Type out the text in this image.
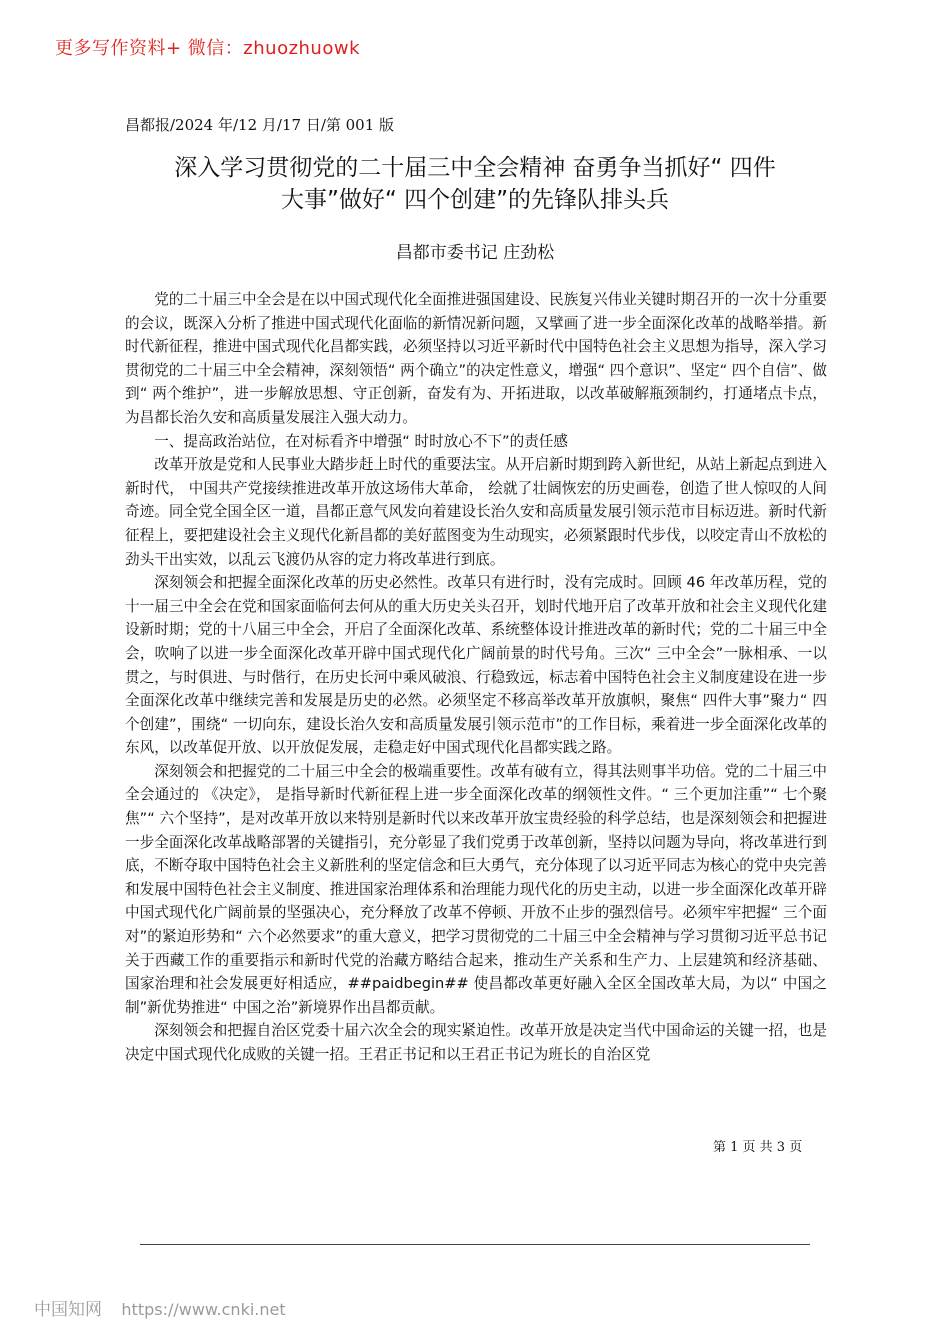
更多写作资料+ 微信：zhuozhuowk
昌都报/2024 年/12 月/17 日/第 001 版
深入学习贯彻党的二十届三中全会精神 奋勇争当抓好“ 四件
大事”做好“ 四个创建”的先锋队排头兵
昌都市委书记 庄劲松

党的二十届三中全会是在以中国式现代化全面推进强国建设、民族复兴伟业关键时期召开的一次十分重要的会议，既深入分析了推进中国式现代化面临的新情况新问题，又擘画了进一步全面深化改革的战略举措。新时代新征程，推进中国式现代化昌都实践，必须坚持以习近平新时代中国特色社会主义思想为指导，深入学习贯彻党的二十届三中全会精神，深刻领悟“ 两个确立”的决定性意义，增强“ 四个意识”、坚定“ 四个自信”、做到“ 两个维护”，进一步解放思想、守正创新，奋发有为、开拓进取，以改革破解瓶颈制约，打通堵点卡点，为昌都长治久安和高质量发展注入强大动力。

一、提高政治站位，在对标看齐中增强“ 时时放心不下”的责任感

改革开放是党和人民事业大踏步赶上时代的重要法宝。从开启新时期到跨入新世纪，从站上新起点到进入新时代， 中国共产党接续推进改革开放这场伟大革命， 绘就了壮阔恢宏的历史画卷，创造了世人惊叹的人间奇迹。同全党全国全区一道，昌都正意气风发向着建设长治久安和高质量发展引领示范市目标迈进。新时代新征程上，要把建设社会主义现代化新昌都的美好蓝图变为生动现实，必须紧跟时代步伐，以咬定青山不放松的劲头干出实效，以乱云飞渡仍从容的定力将改革进行到底。

深刻领会和把握全面深化改革的历史必然性。改革只有进行时，没有完成时。回顾 46 年改革历程，党的十一届三中全会在党和国家面临何去何从的重大历史关头召开，划时代地开启了改革开放和社会主义现代化建设新时期；党的十八届三中全会，开启了全面深化改革、系统整体设计推进改革的新时代；党的二十届三中全会，吹响了以进一步全面深化改革开辟中国式现代化广阔前景的时代号角。三次“ 三中全会”一脉相承、一以贯之，与时俱进、与时偕行，在历史长河中乘风破浪、行稳致远，标志着中国特色社会主义制度建设在进一步全面深化改革中继续完善和发展是历史的必然。必须坚定不移高举改革开放旗帜，聚焦“ 四件大事”聚力“ 四个创建”，围绕“ 一切向东，建设长治久安和高质量发展引领示范市”的工作目标，乘着进一步全面深化改革的东风，以改革促开放、以开放促发展，走稳走好中国式现代化昌都实践之路。

深刻领会和把握党的二十届三中全会的极端重要性。改革有破有立，得其法则事半功倍。党的二十届三中全会通过的 《决定》， 是指导新时代新征程上进一步全面深化改革的纲领性文件。“ 三个更加注重”“ 七个聚焦”“ 六个坚持”，是对改革开放以来特别是新时代以来改革开放宝贵经验的科学总结，也是深刻领会和把握进一步全面深化改革战略部署的关键指引，充分彰显了我们党勇于改革创新，坚持以问题为导向，将改革进行到底，不断夺取中国特色社会主义新胜利的坚定信念和巨大勇气，充分体现了以习近平同志为核心的党中央完善和发展中国特色社会主义制度、推进国家治理体系和治理能力现代化的历史主动，以进一步全面深化改革开辟中国式现代化广阔前景的坚强决心，充分释放了改革不停顿、开放不止步的强烈信号。必须牢牢把握“ 三个面对”的紧迫形势和“ 六个必然要求”的重大意义，把学习贯彻党的二十届三中全会精神与学习贯彻习近平总书记关于西藏工作的重要指示和新时代党的治藏方略结合起来，推动生产关系和生产力、上层建筑和经济基础、 国家治理和社会发展更好相适应，##paidbegin## 使昌都改革更好融入全区全国改革大局，为以“ 中国之制”新优势推进“ 中国之治”新境界作出昌都贡献。

深刻领会和把握自治区党委十届六次全会的现实紧迫性。改革开放是决定当代中国命运的关键一招，也是决定中国式现代化成败的关键一招。王君正书记和以王君正书记为班长的自治区党

第 1 页 共 3 页
中国知网 https://www.cnki.net
